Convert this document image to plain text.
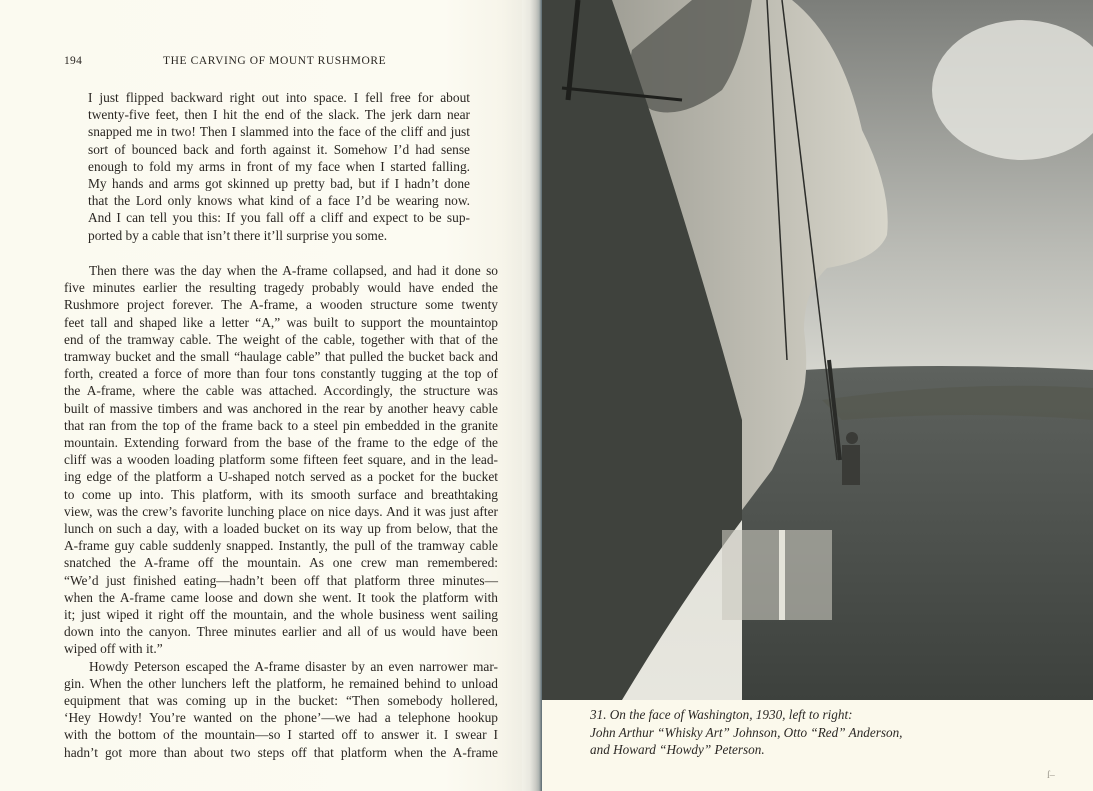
194	THE CARVING OF MOUNT RUSHMORE

I just flipped backward right out into space. I fell free for about

twenty-five feet, then I hit the end of the slack. The jerk darn near

snapped me in two! Then I slammed into the face of the cliff and just

sort of bounced back and forth against it. Somehow I’d had sense

enough to fold my arms in front of my face when I started falling.

My hands and arms got skinned up pretty bad, but if I hadn’t done

that the Lord only knows what kind of a face I’d be wearing now.

And I can tell you this: If you fall off a cliff and expect to be sup-

ported by a cable that isn’t there it’ll surprise you some.

Then there was the day when the A-frame collapsed, and had it done so

five minutes earlier the resulting tragedy probably would have ended the

Rushmore project forever. The A-frame, a wooden structure some twenty

feet tall and shaped like a letter “A,” was built to support the mountaintop

end of the tramway cable. The weight of the cable, together with that of the

tramway bucket and the small “haulage cable” that pulled the bucket back and

forth, created a force of more than four tons constantly tugging at the top of

the A-frame, where the cable was attached. Accordingly, the structure was

built of massive timbers and was anchored in the rear by another heavy cable

that ran from the top of the frame back to a steel pin embedded in the granite

mountain. Extending forward from the base of the frame to the edge of the

cliff was a wooden loading platform some fifteen feet square, and in the lead-

ing edge of the platform a U-shaped notch served as a pocket for the bucket

to come up into. This platform, with its smooth surface and breathtaking

view, was the crew’s favorite lunching place on nice days. And it was just after

lunch on such a day, with a loaded bucket on its way up from below, that the

A-frame guy cable suddenly snapped. Instantly, the pull of the tramway cable

snatched the A-frame off the mountain. As one crew man remembered:

“We’d just finished eating—hadn’t been off that platform three minutes—

when the A-frame came loose and down she went. It took the platform with

it; just wiped it right off the mountain, and the whole business went sailing

down into the canyon. Three minutes earlier and all of us would have been

wiped off with it.”

Howdy Peterson escaped the A-frame disaster by an even narrower mar-

gin. When the other lunchers left the platform, he remained behind to unload

equipment that was coming up in the bucket: “Then somebody hollered,

‘Hey Howdy! You’re wanted on the phone’—we had a telephone hookup

with the bottom of the mountain—so I started off to answer it. I swear I

hadn’t got more than about two steps off that platform when the A-frame

31. On the face of Washington, 1930, left to right:
John Arthur “Whisky Art” Johnson, Otto “Red” Anderson,
and Howard “Howdy” Peterson.
ſ–
